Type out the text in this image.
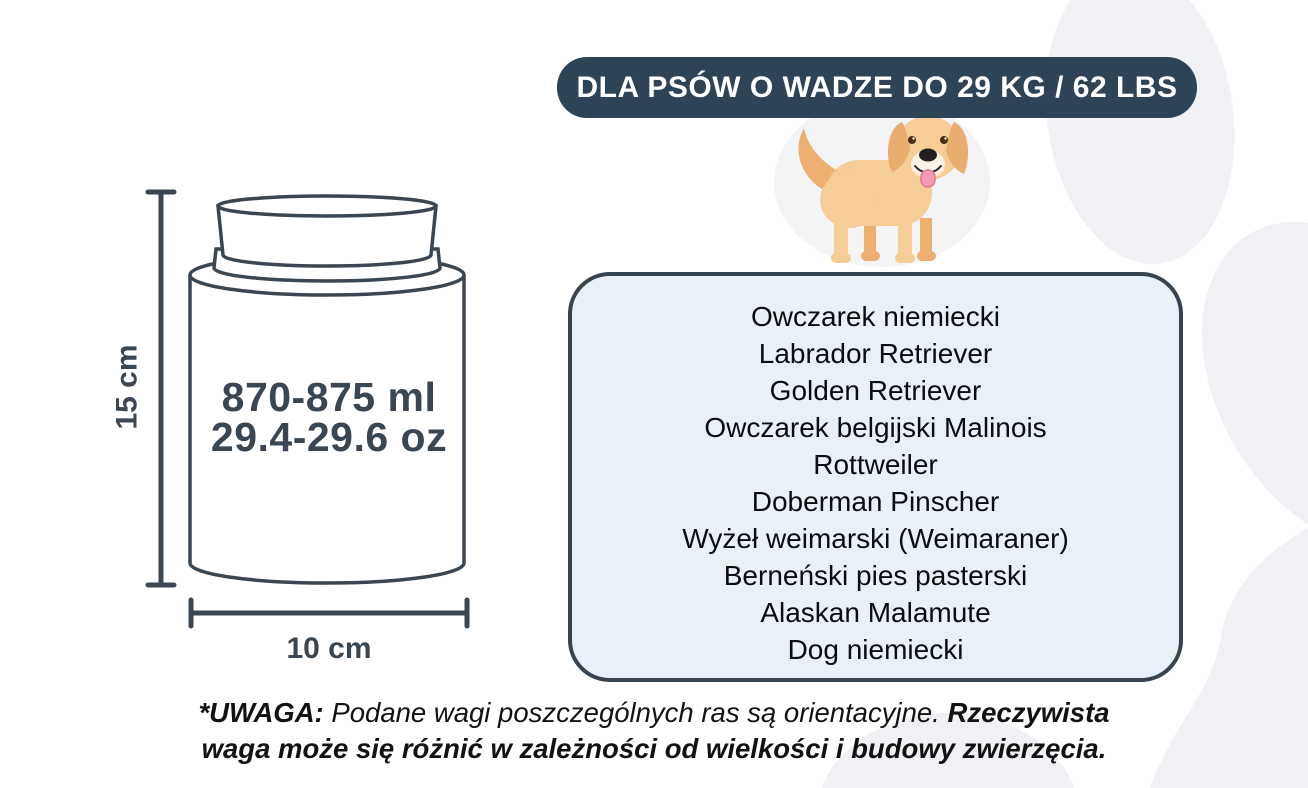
DLA PSÓW O WADZE DO 29 KG / 62 LBS
15 cm 870-875 ml
29.4-29.6 oz
10 cm
Owczarek niemiecki
Labrador Retriever
Golden Retriever
Owczarek belgijski Malinois
Rottweiler
Doberman Pinscher
Wyżeł weimarski (Weimaraner)
Berneński pies pasterski
Alaskan Malamute
Dog niemiecki
*UWAGA: Podane wagi poszczególnych ras są orientacyjne. Rzeczywista
waga może się różnić w zależności od wielkości i budowy zwierzęcia.
